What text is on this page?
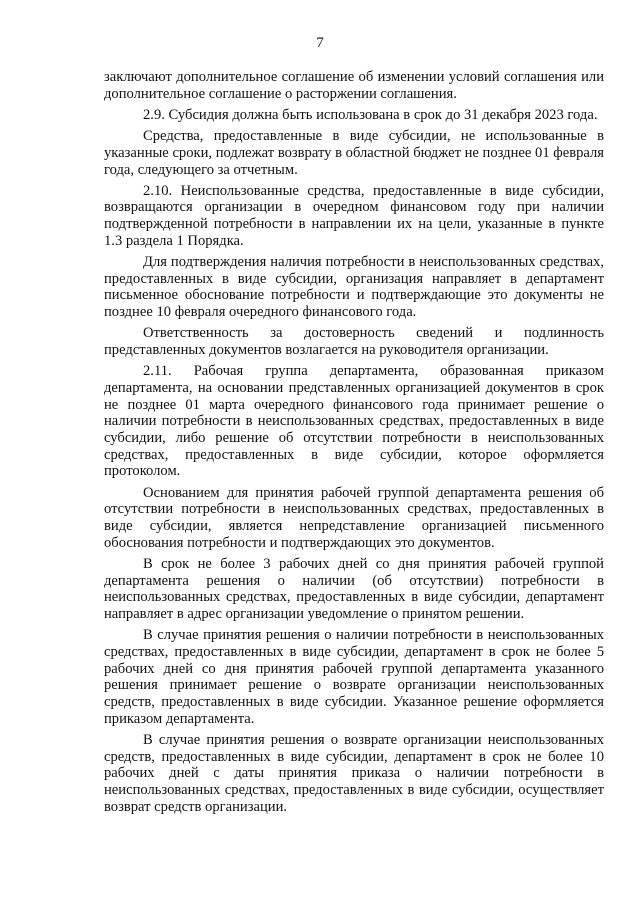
7

заключают дополнительное соглашение об изменении условий соглашения или дополнительное соглашение о расторжении соглашения.

2.9. Субсидия должна быть использована в срок до 31 декабря 2023 года.

Средства, предоставленные в виде субсидии, не использованные в указанные сроки, подлежат возврату в областной бюджет не позднее 01 февраля года, следующего за отчетным.

2.10. Неиспользованные средства, предоставленные в виде субсидии, возвращаются организации в очередном финансовом году при наличии подтвержденной потребности в направлении их на цели, указанные в пункте 1.3 раздела 1 Порядка.

Для подтверждения наличия потребности в неиспользованных средствах, предоставленных в виде субсидии, организация направляет в департамент письменное обоснование потребности и подтверждающие это документы не позднее 10 февраля очередного финансового года.

Ответственность за достоверность сведений и подлинность представленных документов возлагается на руководителя организации.

2.11. Рабочая группа департамента, образованная приказом департамента, на основании представленных организацией документов в срок не позднее 01 марта очередного финансового года принимает решение о наличии потребности в неиспользованных средствах, предоставленных в виде субсидии, либо решение об отсутствии потребности в неиспользованных средствах, предоставленных в виде субсидии, которое оформляется протоколом.

Основанием для принятия рабочей группой департамента решения об отсутствии потребности в неиспользованных средствах, предоставленных в виде субсидии, является непредставление организацией письменного обоснования потребности и подтверждающих это документов.

В срок не более 3 рабочих дней со дня принятия рабочей группой департамента решения о наличии (об отсутствии) потребности в неиспользованных средствах, предоставленных в виде субсидии, департамент направляет в адрес организации уведомление о принятом решении.

В случае принятия решения о наличии потребности в неиспользованных средствах, предоставленных в виде субсидии, департамент в срок не более 5 рабочих дней со дня принятия рабочей группой департамента указанного решения принимает решение о возврате организации неиспользованных средств, предоставленных в виде субсидии. Указанное решение оформляется приказом департамента.

В случае принятия решения о возврате организации неиспользованных средств, предоставленных в виде субсидии, департамент в срок не более 10 рабочих дней с даты принятия приказа о наличии потребности в неиспользованных средствах, предоставленных в виде субсидии, осуществляет возврат средств организации.
